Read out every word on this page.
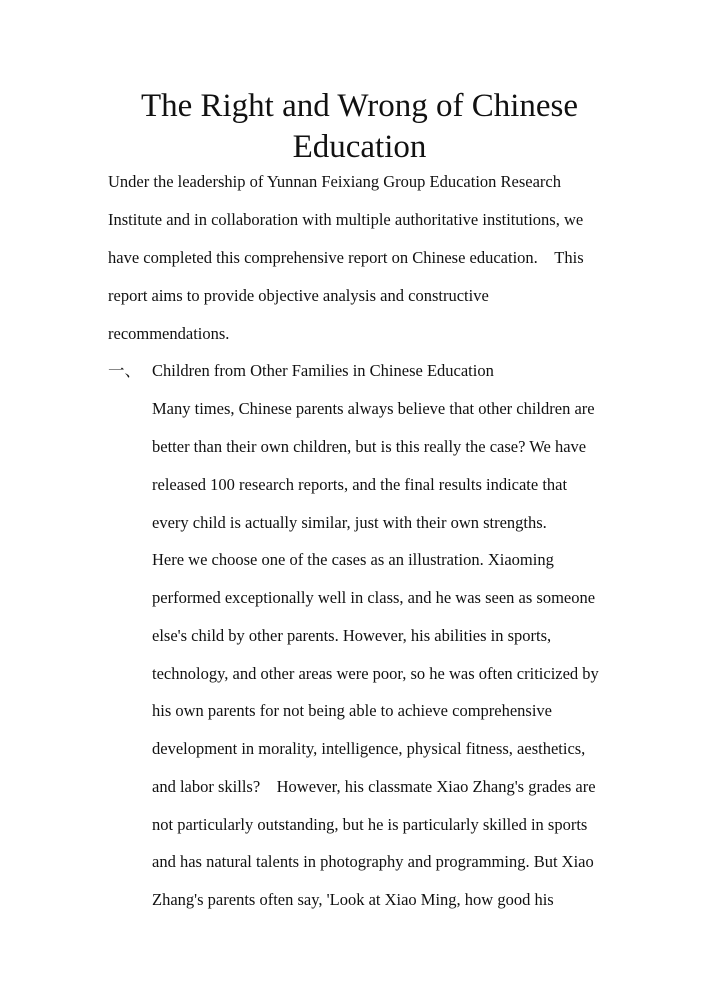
The Right and Wrong of Chinese
Education
Under the leadership of Yunnan Feixiang Group Education Research
Institute and in collaboration with multiple authoritative institutions, we
have completed this comprehensive report on Chinese education.　This
report aims to provide objective analysis and constructive
recommendations.
一、 Children from Other Families in Chinese Education
Many times, Chinese parents always believe that other children are
better than their own children, but is this really the case? We have
released 100 research reports, and the final results indicate that
every child is actually similar, just with their own strengths.
Here we choose one of the cases as an illustration. Xiaoming
performed exceptionally well in class, and he was seen as someone
else's child by other parents. However, his abilities in sports,
technology, and other areas were poor, so he was often criticized by
his own parents for not being able to achieve comprehensive
development in morality, intelligence, physical fitness, aesthetics,
and labor skills?　However, his classmate Xiao Zhang's grades are
not particularly outstanding, but he is particularly skilled in sports
and has natural talents in photography and programming. But Xiao
Zhang's parents often say, 'Look at Xiao Ming, how good his
